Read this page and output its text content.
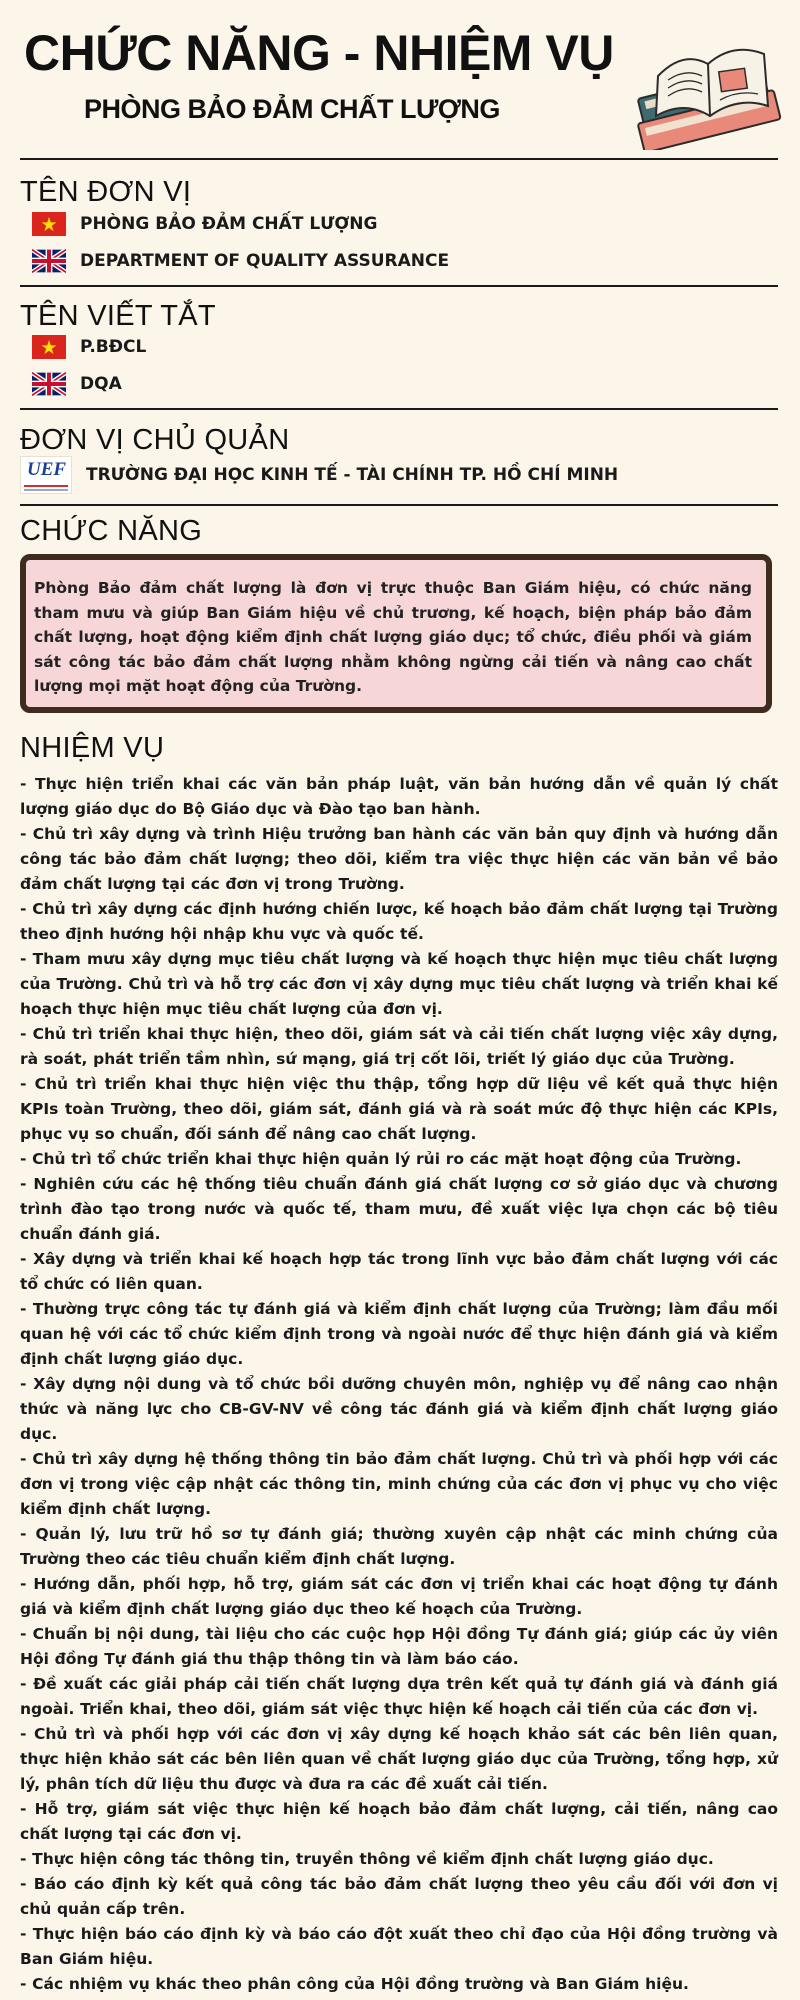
CHỨC NĂNG - NHIỆM VỤ
PHÒNG BẢO ĐẢM CHẤT LƯỢNG
TÊN ĐƠN VỊ
PHÒNG BẢO ĐẢM CHẤT LƯỢNG
DEPARTMENT OF QUALITY ASSURANCE
TÊN VIẾT TẮT
P.BĐCL
DQA
ĐƠN VỊ CHỦ QUẢN
UEF TRƯỜNG ĐẠI HỌC KINH TẾ - TÀI CHÍNH TP. HỒ CHÍ MINH
CHỨC NĂNG

Phòng Bảo đảm chất lượng là đơn vị trực thuộc Ban Giám hiệu, có chức năng tham mưu và giúp Ban Giám hiệu về chủ trương, kế hoạch, biện pháp bảo đảm chất lượng, hoạt động kiểm định chất lượng giáo dục; tổ chức, điều phối và giám sát công tác bảo đảm chất lượng nhằm không ngừng cải tiến và nâng cao chất lượng mọi mặt hoạt động của Trường.

NHIỆM VỤ

- Thực hiện triển khai các văn bản pháp luật, văn bản hướng dẫn về quản lý chất lượng giáo dục do Bộ Giáo dục và Đào tạo ban hành.

- Chủ trì xây dựng và trình Hiệu trưởng ban hành các văn bản quy định và hướng dẫn công tác bảo đảm chất lượng; theo dõi, kiểm tra việc thực hiện các văn bản về bảo đảm chất lượng tại các đơn vị trong Trường.

- Chủ trì xây dựng các định hướng chiến lược, kế hoạch bảo đảm chất lượng tại Trường theo định hướng hội nhập khu vực và quốc tế.

- Tham mưu xây dựng mục tiêu chất lượng và kế hoạch thực hiện mục tiêu chất lượng của Trường. Chủ trì và hỗ trợ các đơn vị xây dựng mục tiêu chất lượng và triển khai kế hoạch thực hiện mục tiêu chất lượng của đơn vị.

- Chủ trì triển khai thực hiện, theo dõi, giám sát và cải tiến chất lượng việc xây dựng, rà soát, phát triển tầm nhìn, sứ mạng, giá trị cốt lõi, triết lý giáo dục của Trường.

- Chủ trì triển khai thực hiện việc thu thập, tổng hợp dữ liệu về kết quả thực hiện KPIs toàn Trường, theo dõi, giám sát, đánh giá và rà soát mức độ thực hiện các KPIs, phục vụ so chuẩn, đối sánh để nâng cao chất lượng.

- Chủ trì tổ chức triển khai thực hiện quản lý rủi ro các mặt hoạt động của Trường.

- Nghiên cứu các hệ thống tiêu chuẩn đánh giá chất lượng cơ sở giáo dục và chương trình đào tạo trong nước và quốc tế, tham mưu, đề xuất việc lựa chọn các bộ tiêu chuẩn đánh giá.

- Xây dựng và triển khai kế hoạch hợp tác trong lĩnh vực bảo đảm chất lượng với các tổ chức có liên quan.

- Thường trực công tác tự đánh giá và kiểm định chất lượng của Trường; làm đầu mối quan hệ với các tổ chức kiểm định trong và ngoài nước để thực hiện đánh giá và kiểm định chất lượng giáo dục.

- Xây dựng nội dung và tổ chức bồi dưỡng chuyên môn, nghiệp vụ để nâng cao nhận thức và năng lực cho CB-GV-NV về công tác đánh giá và kiểm định chất lượng giáo dục.

- Chủ trì xây dựng hệ thống thông tin bảo đảm chất lượng. Chủ trì và phối hợp với các đơn vị trong việc cập nhật các thông tin, minh chứng của các đơn vị phục vụ cho việc kiểm định chất lượng.

- Quản lý, lưu trữ hồ sơ tự đánh giá; thường xuyên cập nhật các minh chứng của Trường theo các tiêu chuẩn kiểm định chất lượng.

- Hướng dẫn, phối hợp, hỗ trợ, giám sát các đơn vị triển khai các hoạt động tự đánh giá và kiểm định chất lượng giáo dục theo kế hoạch của Trường.

- Chuẩn bị nội dung, tài liệu cho các cuộc họp Hội đồng Tự đánh giá; giúp các ủy viên Hội đồng Tự đánh giá thu thập thông tin và làm báo cáo.

- Đề xuất các giải pháp cải tiến chất lượng dựa trên kết quả tự đánh giá và đánh giá ngoài. Triển khai, theo dõi, giám sát việc thực hiện kế hoạch cải tiến của các đơn vị.

- Chủ trì và phối hợp với các đơn vị xây dựng kế hoạch khảo sát các bên liên quan, thực hiện khảo sát các bên liên quan về chất lượng giáo dục của Trường, tổng hợp, xử lý, phân tích dữ liệu thu được và đưa ra các đề xuất cải tiến.

- Hỗ trợ, giám sát việc thực hiện kế hoạch bảo đảm chất lượng, cải tiến, nâng cao chất lượng tại các đơn vị.

- Thực hiện công tác thông tin, truyền thông về kiểm định chất lượng giáo dục.

- Báo cáo định kỳ kết quả công tác bảo đảm chất lượng theo yêu cầu đối với đơn vị chủ quản cấp trên.

- Thực hiện báo cáo định kỳ và báo cáo đột xuất theo chỉ đạo của Hội đồng trường và Ban Giám hiệu.

- Các nhiệm vụ khác theo phân công của Hội đồng trường và Ban Giám hiệu.
